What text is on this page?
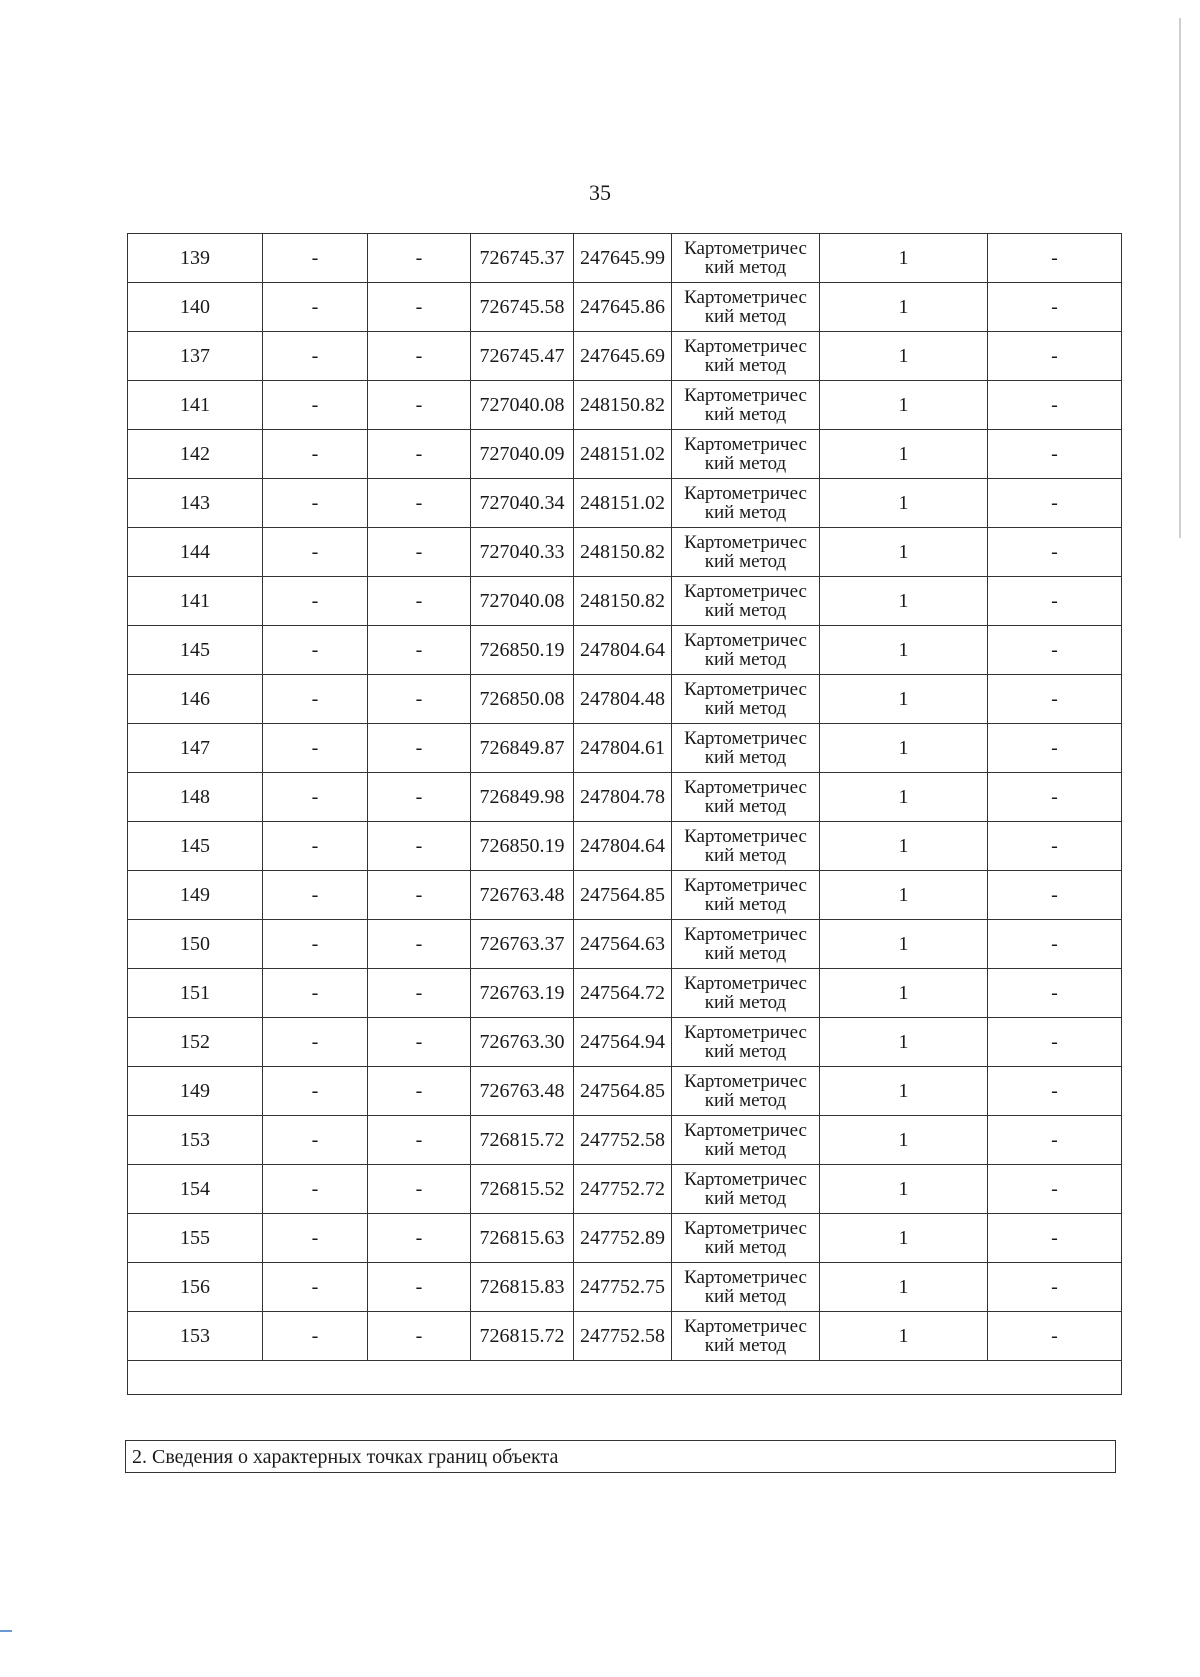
35
139	-	-	726745.37	247645.99	Картометричес
кий метод	1	-
140	-	-	726745.58	247645.86	Картометричес
кий метод	1	-
137	-	-	726745.47	247645.69	Картометричес
кий метод	1	-
141	-	-	727040.08	248150.82	Картометричес
кий метод	1	-
142	-	-	727040.09	248151.02	Картометричес
кий метод	1	-
143	-	-	727040.34	248151.02	Картометричес
кий метод	1	-
144	-	-	727040.33	248150.82	Картометричес
кий метод	1	-
141	-	-	727040.08	248150.82	Картометричес
кий метод	1	-
145	-	-	726850.19	247804.64	Картометричес
кий метод	1	-
146	-	-	726850.08	247804.48	Картометричес
кий метод	1	-
147	-	-	726849.87	247804.61	Картометричес
кий метод	1	-
148	-	-	726849.98	247804.78	Картометричес
кий метод	1	-
145	-	-	726850.19	247804.64	Картометричес
кий метод	1	-
149	-	-	726763.48	247564.85	Картометричес
кий метод	1	-
150	-	-	726763.37	247564.63	Картометричес
кий метод	1	-
151	-	-	726763.19	247564.72	Картометричес
кий метод	1	-
152	-	-	726763.30	247564.94	Картометричес
кий метод	1	-
149	-	-	726763.48	247564.85	Картометричес
кий метод	1	-
153	-	-	726815.72	247752.58	Картометричес
кий метод	1	-
154	-	-	726815.52	247752.72	Картометричес
кий метод	1	-
155	-	-	726815.63	247752.89	Картометричес
кий метод	1	-
156	-	-	726815.83	247752.75	Картометричес
кий метод	1	-
153	-	-	726815.72	247752.58	Картометричес
кий метод	1	-

2. Сведения о характерных точках границ объекта
